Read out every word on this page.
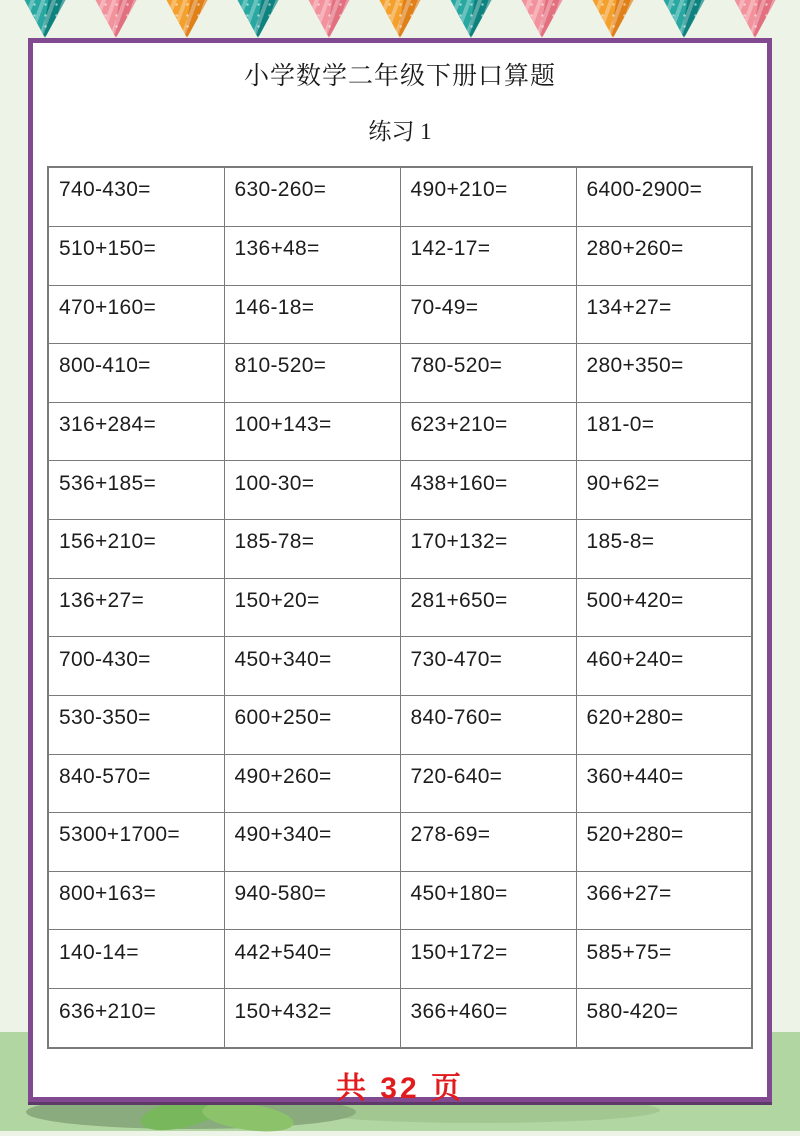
小学数学二年级下册口算题
练习 1
740-430=	630-260=	490+210=	6400-2900=
510+150=	136+48=	142-17=	280+260=
470+160=	146-18=	70-49=	134+27=
800-410=	810-520=	780-520=	280+350=
316+284=	100+143=	623+210=	181-0=
536+185=	100-30=	438+160=	90+62=
156+210=	185-78=	170+132=	185-8=
136+27=	150+20=	281+650=	500+420=
700-430=	450+340=	730-470=	460+240=
530-350=	600+250=	840-760=	620+280=
840-570=	490+260=	720-640=	360+440=
5300+1700=	490+340=	278-69=	520+280=
800+163=	940-580=	450+180=	366+27=
140-14=	442+540=	150+172=	585+75=
636+210=	150+432=	366+460=	580-420=
共 32 页
